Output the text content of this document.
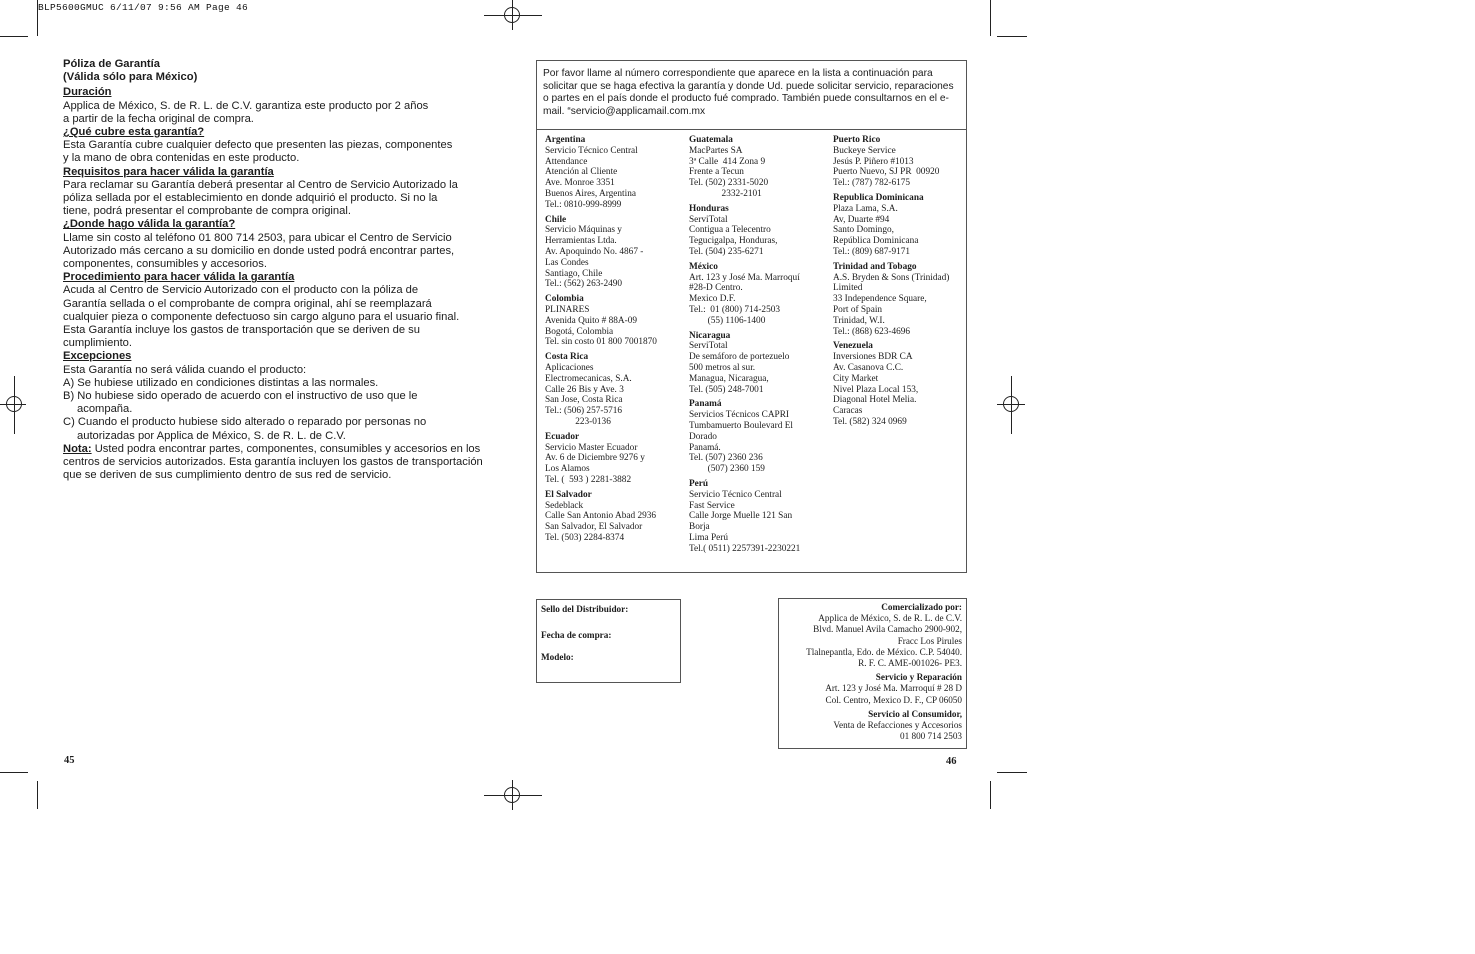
BLP5600GMUC 6/11/07 9:56 AM Page 46
Póliza de Garantía
(Válida sólo para México)
Duración
Applica de México, S. de R. L. de C.V. garantiza este producto por 2 años
a partir de la fecha original de compra.
¿Qué cubre esta garantía?
Esta Garantía cubre cualquier defecto que presenten las piezas, componentes
y la mano de obra contenidas en este producto.
Requisitos para hacer válida la garantía
Para reclamar su Garantía deberá presentar al Centro de Servicio Autorizado la
póliza sellada por el establecimiento en donde adquirió el producto. Si no la
tiene, podrá presentar el comprobante de compra original.
¿Donde hago válida la garantía?
Llame sin costo al teléfono 01 800 714 2503, para ubicar el Centro de Servicio
Autorizado más cercano a su domicilio en donde usted podrá encontrar partes,
componentes, consumibles y accesorios.
Procedimiento para hacer válida la garantía
Acuda al Centro de Servicio Autorizado con el producto con la póliza de
Garantía sellada o el comprobante de compra original, ahí se reemplazará
cualquier pieza o componente defectuoso sin cargo alguno para el usuario final.
Esta Garantía incluye los gastos de transportación que se deriven de su
cumplimiento.
Excepciones
Esta Garantía no será válida cuando el producto:
A) Se hubiese utilizado en condiciones distintas a las normales.
B) No hubiese sido operado de acuerdo con el instructivo de uso que le acompaña.
C) Cuando el producto hubiese sido alterado o reparado por personas no autorizadas por Applica de México, S. de R. L. de C.V.
Nota: Usted podra encontrar partes, componentes, consumibles y accesorios en los centros de servicios autorizados. Esta garantía incluyen los gastos de transportación que se deriven de sus cumplimiento dentro de sus red de servicio.
Por favor llame al número correspondiente que aparece en la lista a continuación para solicitar que se haga efectiva la garantía y donde Ud. puede solicitar servicio, reparaciones o partes en el país donde el producto fué comprado. También puede consultarnos en el e-mail. “servicio@applicamail.com.mx
Argentina
Servicio Técnico Central
Attendance
Atención al Cliente
Ave. Monroe 3351
Buenos Aires, Argentina
Tel.: 0810-999-8999
Chile
Servicio Máquinas y
Herramientas Ltda.
Av. Apoquindo No. 4867 -
Las Condes
Santiago, Chile
Tel.: (562) 263-2490
Colombia
PLINARES
Avenida Quito # 88A-09
Bogotá, Colombia
Tel. sin costo 01 800 7001870
Costa Rica
Aplicaciones
Electromecanicas, S.A.
Calle 26 Bis y Ave. 3
San Jose, Costa Rica
Tel.: (506) 257-5716
223-0136
Ecuador
Servicio Master Ecuador
Av. 6 de Diciembre 9276 y
Los Alamos
Tel. (  593 ) 2281-3882
El Salvador
Sedeblack
Calle San Antonio Abad 2936
San Salvador, El Salvador
Tel. (503) 2284-8374
Guatemala
MacPartes SA
3ª Calle  414 Zona 9
Frente a Tecun
Tel. (502) 2331-5020
2332-2101
Honduras
ServiTotal
Contigua a Telecentro
Tegucigalpa, Honduras,
Tel. (504) 235-6271
México
Art. 123 y José Ma. Marroquí
#28-D Centro.
Mexico D.F.
Tel.:  01 (800) 714-2503
(55) 1106-1400
Nicaragua
ServiTotal
De semáforo de portezuelo
500 metros al sur.
Managua, Nicaragua,
Tel. (505) 248-7001
Panamá
Servicios Técnicos CAPRI
Tumbamuerto Boulevard El
Dorado
Panamá.
Tel. (507) 2360 236
(507) 2360 159
Perú
Servicio Técnico Central
Fast Service
Calle Jorge Muelle 121 San
Borja
Lima Perú
Tel.( 0511) 2257391-2230221
Puerto Rico
Buckeye Service
Jesús P. Piñero #1013
Puerto Nuevo, SJ PR  00920
Tel.: (787) 782-6175
Republica Dominicana
Plaza Lama, S.A.
Av, Duarte #94
Santo Domingo,
República Dominicana
Tel.: (809) 687-9171
Trinidad and Tobago
A.S. Bryden & Sons (Trinidad)
Limited
33 Independence Square,
Port of Spain
Trinidad, W.I.
Tel.: (868) 623-4696
Venezuela
Inversiones BDR CA
Av. Casanova C.C.
City Market
Nivel Plaza Local 153,
Diagonal Hotel Melia.
Caracas
Tel. (582) 324 0969
Sello del Distribuidor:
Fecha de compra:
Modelo:
Comercializado por:
Applica de México, S. de R. L. de C.V.
Blvd. Manuel Avila Camacho 2900-902,
Fracc Los Pirules
Tlalnepantla, Edo. de México. C.P. 54040.
R. F. C. AME-001026- PE3.
Servicio y Reparación
Art. 123 y José Ma. Marroquí # 28 D
Col. Centro, Mexico D. F., CP 06050
Servicio al Consumidor,
Venta de Refacciones y Accesorios
01 800 714 2503
45	46
